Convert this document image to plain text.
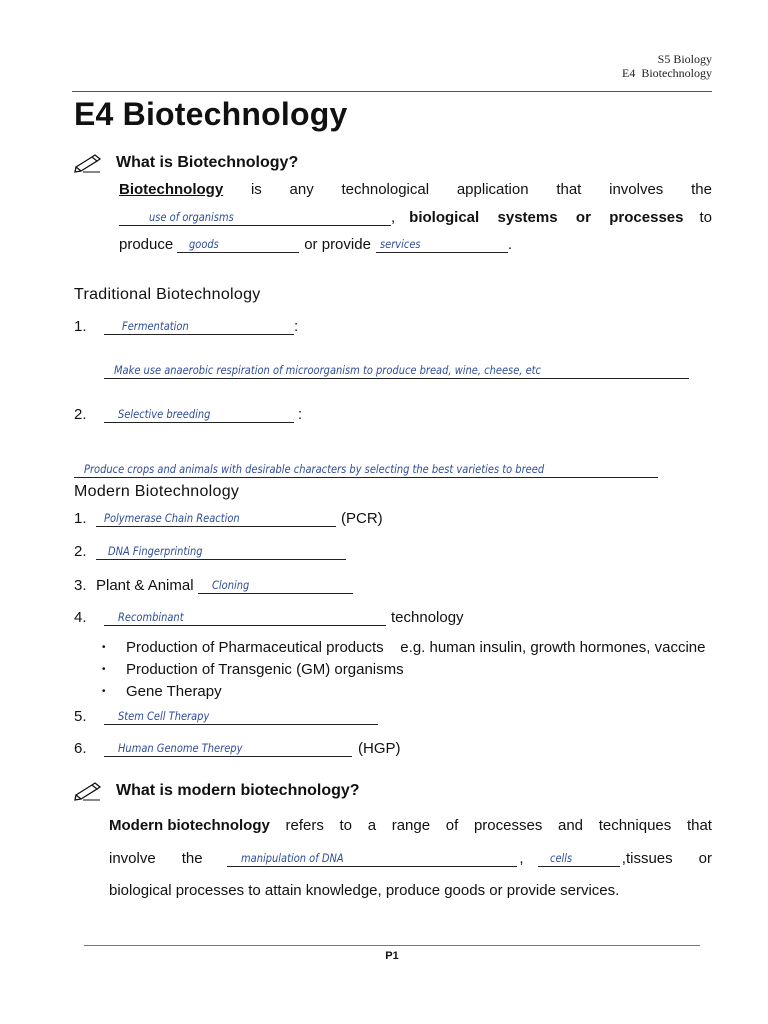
S5 Biology
E4  Biotechnology
E4 Biotechnology
What is Biotechnology?
Biotechnology is any technological application that involves the
use of organisms	, biological systems or processes to
produce goods	or provide services	.
Traditional Biotechnology
1.	Fermentation	:
Make use anaerobic respiration of microorganism to produce bread, wine, cheese, etc

2.	Selective breeding	:
Produce crops and animals with desirable characters by selecting the best varieties to breed
Modern Biotechnology
1.	Polymerase Chain Reaction	(PCR)
2.	DNA Fingerprinting
3. Plant & Animal Cloning
4.	Recombinant	technology
•	Production of Pharmaceutical products    e.g. human insulin, growth hormones, vaccine
•	Production of Transgenic (GM) organisms
•	Gene Therapy
5.	Stem Cell Therapy
6.	Human Genome Therepy	(HGP)
What is modern biotechnology?
Modern biotechnology refers to a range of processes and techniques that
involve the	manipulation of DNA	, cells	, tissues or
biological processes to attain knowledge, produce goods or provide services.
P1
